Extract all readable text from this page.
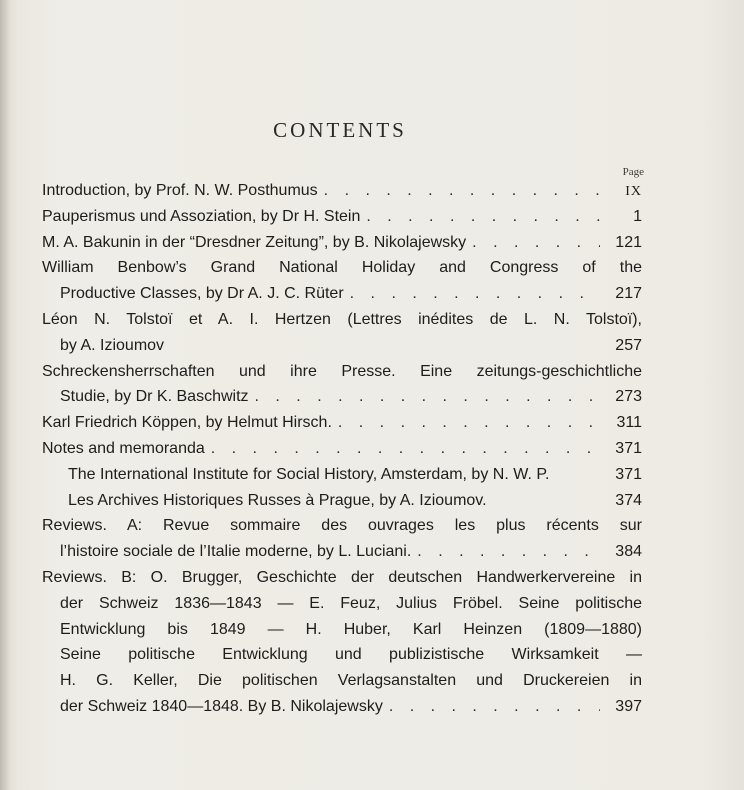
CONTENTS
Page
Introduction, by Prof. N. W. Posthumus . . .	IX
Pauperismus und Assoziation, by Dr H. Stein . . .	1
M. A. Bakunin in der “Dresdner Zeitung”, by B. Nikolajewsky . . .	121
William Benbow’s Grand National Holiday and Congress of the
Productive Classes, by Dr A. J. C. Rüter . . .	217
Léon N. Tolstoï et A. I. Hertzen (Lettres inédites de L. N. Tolstoï),
by A. Izioumov	257
Schreckensherrschaften und ihre Presse. Eine zeitungs-geschichtliche
Studie, by Dr K. Baschwitz . . .	273
Karl Friedrich Köppen, by Helmut Hirsch. . . .	311
Notes and memoranda . . .	371
The International Institute for Social History, Amsterdam, by N. W. P.	371
Les Archives Historiques Russes à Prague, by A. Izioumov.	374
Reviews. A: Revue sommaire des ouvrages les plus récents sur
l’histoire sociale de l’Italie moderne, by L. Luciani. . . .	384
Reviews. B: O. Brugger, Geschichte der deutschen Handwerkervereine in
der Schweiz 1836—1843 — E. Feuz, Julius Fröbel. Seine politische
Entwicklung bis 1849 — H. Huber, Karl Heinzen (1809—1880)
Seine politische Entwicklung und publizistische Wirksamkeit —
H. G. Keller, Die politischen Verlagsanstalten und Druckereien in
der Schweiz 1840—1848. By B. Nikolajewsky . . .	397
